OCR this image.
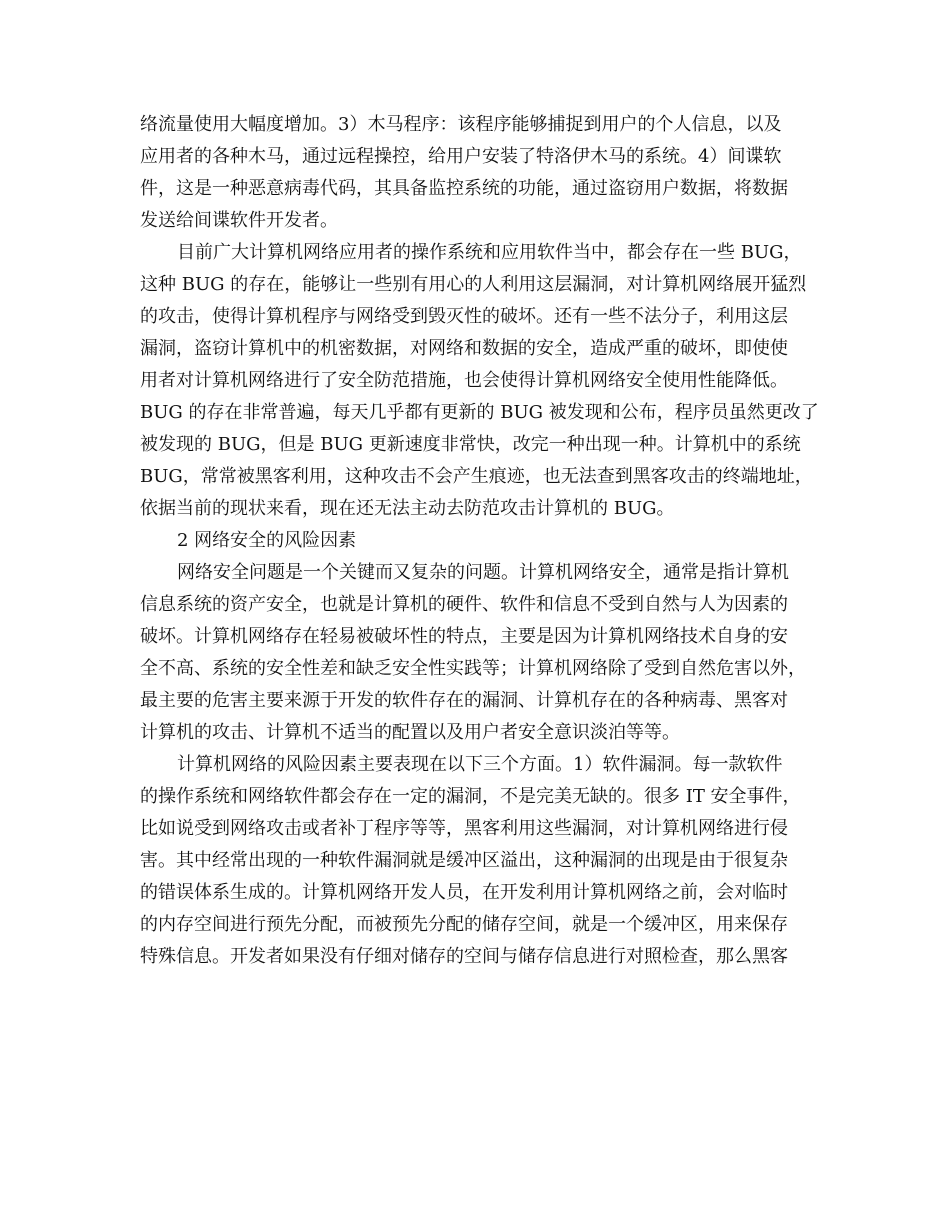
络流量使用大幅度增加。3）木马程序：该程序能够捕捉到用户的个人信息，以及
应用者的各种木马，通过远程操控，给用户安装了特洛伊木马的系统。4）间谍软
件，这是一种恶意病毒代码，其具备监控系统的功能，通过盗窃用户数据，将数据
发送给间谍软件开发者。
目前广大计算机网络应用者的操作系统和应用软件当中，都会存在一些 BUG，
这种 BUG 的存在，能够让一些别有用心的人利用这层漏洞，对计算机网络展开猛烈
的攻击，使得计算机程序与网络受到毁灭性的破坏。还有一些不法分子，利用这层
漏洞，盗窃计算机中的机密数据，对网络和数据的安全，造成严重的破坏，即使使
用者对计算机网络进行了安全防范措施，也会使得计算机网络安全使用性能降低。
BUG 的存在非常普遍，每天几乎都有更新的 BUG 被发现和公布，程序员虽然更改了
被发现的 BUG，但是 BUG 更新速度非常快，改完一种出现一种。计算机中的系统
BUG，常常被黑客利用，这种攻击不会产生痕迹，也无法查到黑客攻击的终端地址，
依据当前的现状来看，现在还无法主动去防范攻击计算机的 BUG。
2 网络安全的风险因素
网络安全问题是一个关键而又复杂的问题。计算机网络安全，通常是指计算机
信息系统的资产安全，也就是计算机的硬件、软件和信息不受到自然与人为因素的
破坏。计算机网络存在轻易被破坏性的特点，主要是因为计算机网络技术自身的安
全不高、系统的安全性差和缺乏安全性实践等；计算机网络除了受到自然危害以外，
最主要的危害主要来源于开发的软件存在的漏洞、计算机存在的各种病毒、黑客对
计算机的攻击、计算机不适当的配置以及用户者安全意识淡泊等等。
计算机网络的风险因素主要表现在以下三个方面。1）软件漏洞。每一款软件
的操作系统和网络软件都会存在一定的漏洞，不是完美无缺的。很多 IT 安全事件，
比如说受到网络攻击或者补丁程序等等，黑客利用这些漏洞，对计算机网络进行侵
害。其中经常出现的一种软件漏洞就是缓冲区溢出，这种漏洞的出现是由于很复杂
的错误体系生成的。计算机网络开发人员，在开发利用计算机网络之前，会对临时
的内存空间进行预先分配，而被预先分配的储存空间，就是一个缓冲区，用来保存
特殊信息。开发者如果没有仔细对储存的空间与储存信息进行对照检查，那么黑客
